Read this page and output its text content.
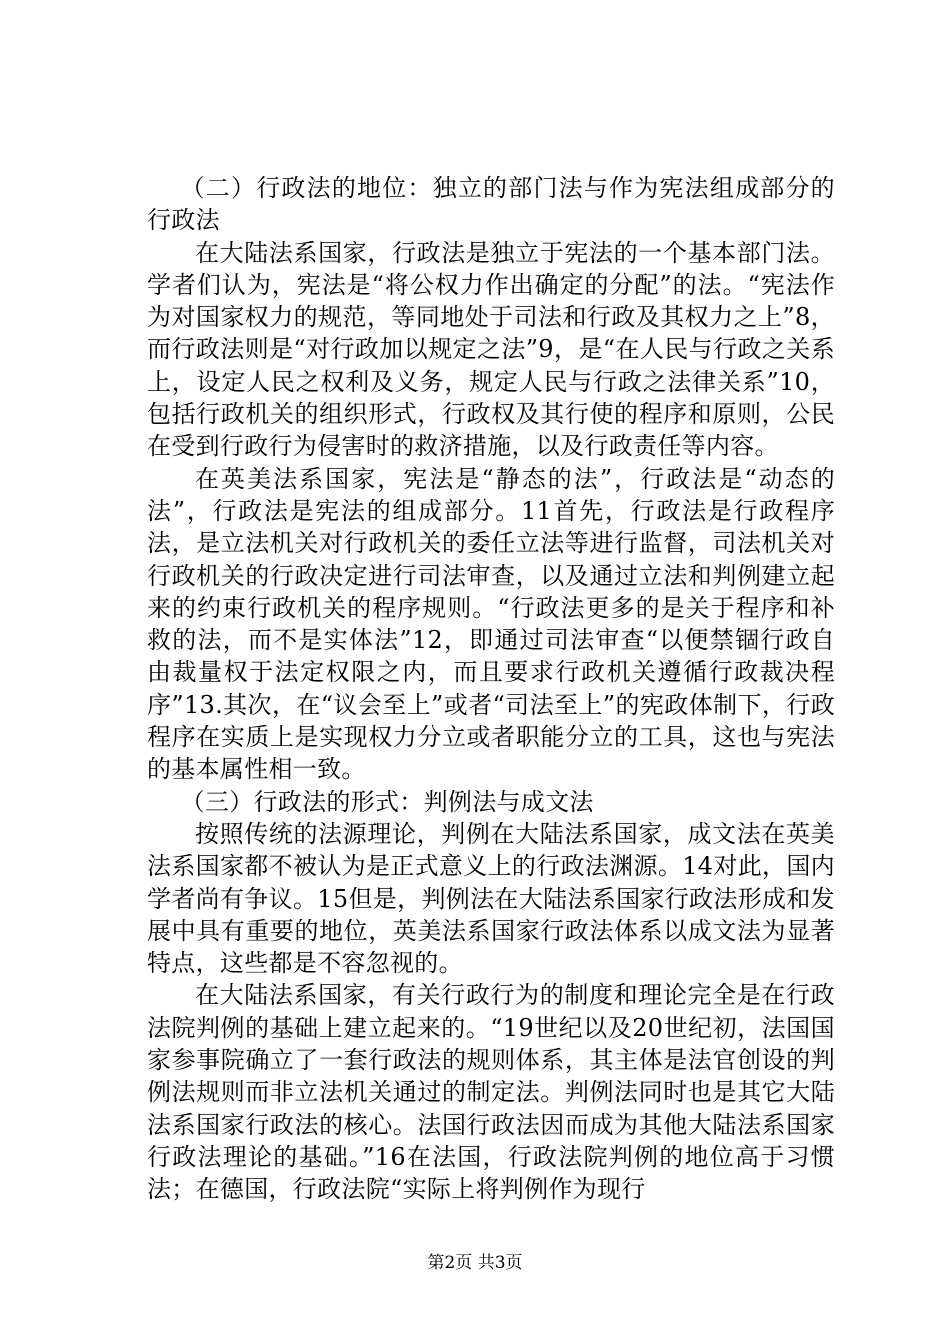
（二）行政法的地位：独立的部门法与作为宪法组成部分的行政法

在大陆法系国家，行政法是独立于宪法的一个基本部门法。学者们认为，宪法是“将公权力作出确定的分配”的法。“宪法作为对国家权力的规范，等同地处于司法和行政及其权力之上”8，而行政法则是“对行政加以规定之法”9，是“在人民与行政之关系上，设定人民之权利及义务，规定人民与行政之法律关系”10，包括行政机关的组织形式，行政权及其行使的程序和原则，公民在受到行政行为侵害时的救济措施，以及行政责任等内容。

在英美法系国家，宪法是“静态的法”，行政法是“动态的法”，行政法是宪法的组成部分。11首先，行政法是行政程序法，是立法机关对行政机关的委任立法等进行监督，司法机关对行政机关的行政决定进行司法审查，以及通过立法和判例建立起来的约束行政机关的程序规则。“行政法更多的是关于程序和补救的法，而不是实体法”12，即通过司法审查“以便禁锢行政自由裁量权于法定权限之内，而且要求行政机关遵循行政裁决程序”13.其次，在“议会至上”或者“司法至上”的宪政体制下，行政程序在实质上是实现权力分立或者职能分立的工具，这也与宪法的基本属性相一致。

（三）行政法的形式：判例法与成文法

按照传统的法源理论，判例在大陆法系国家，成文法在英美法系国家都不被认为是正式意义上的行政法渊源。14对此，国内学者尚有争议。15但是，判例法在大陆法系国家行政法形成和发展中具有重要的地位，英美法系国家行政法体系以成文法为显著特点，这些都是不容忽视的。

在大陆法系国家，有关行政行为的制度和理论完全是在行政法院判例的基础上建立起来的。“19世纪以及20世纪初，法国国家参事院确立了一套行政法的规则体系，其主体是法官创设的判例法规则而非立法机关通过的制定法。判例法同时也是其它大陆法系国家行政法的核心。法国行政法因而成为其他大陆法系国家行政法理论的基础。”16在法国，行政法院判例的地位高于习惯法；在德国，行政法院“实际上将判例作为现行

第2页 共3页
